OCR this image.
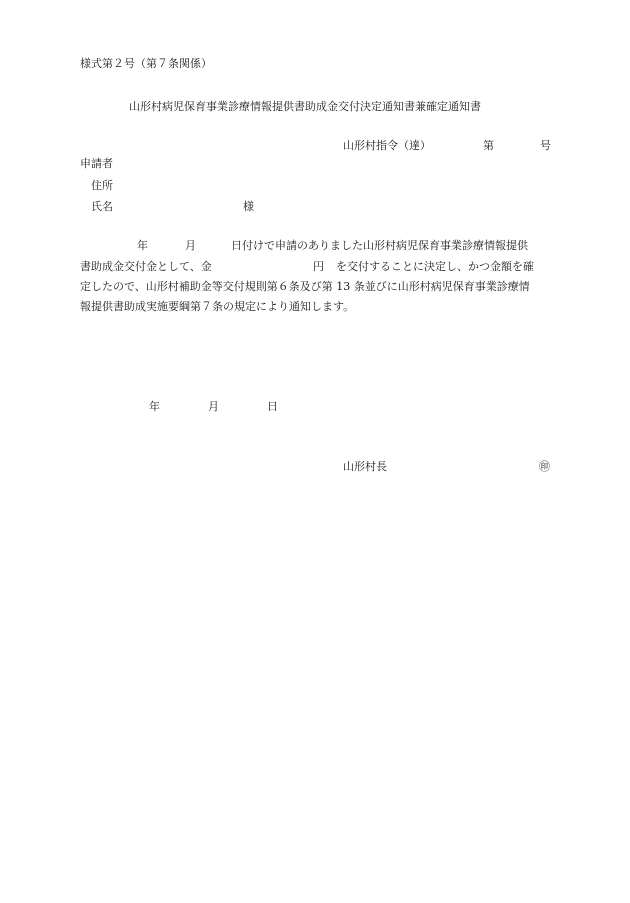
様式第２号（第７条関係）
山形村病児保育事業診療情報提供書助成金交付決定通知書兼確定通知書
山形村指令（達）	第	号
申請者
住所
氏名	様
年	月	日付けで申請のありました山形村病児保育事業診療情報提供
書助成金交付金として、金	円 を交付することに決定し、かつ金額を確
定したので、山形村補助金等交付規則第６条及び第 13 条並びに山形村病児保育事業診療情
報提供書助成実施要綱第７条の規定により通知します。
年	月	日
山形村長	㊞
